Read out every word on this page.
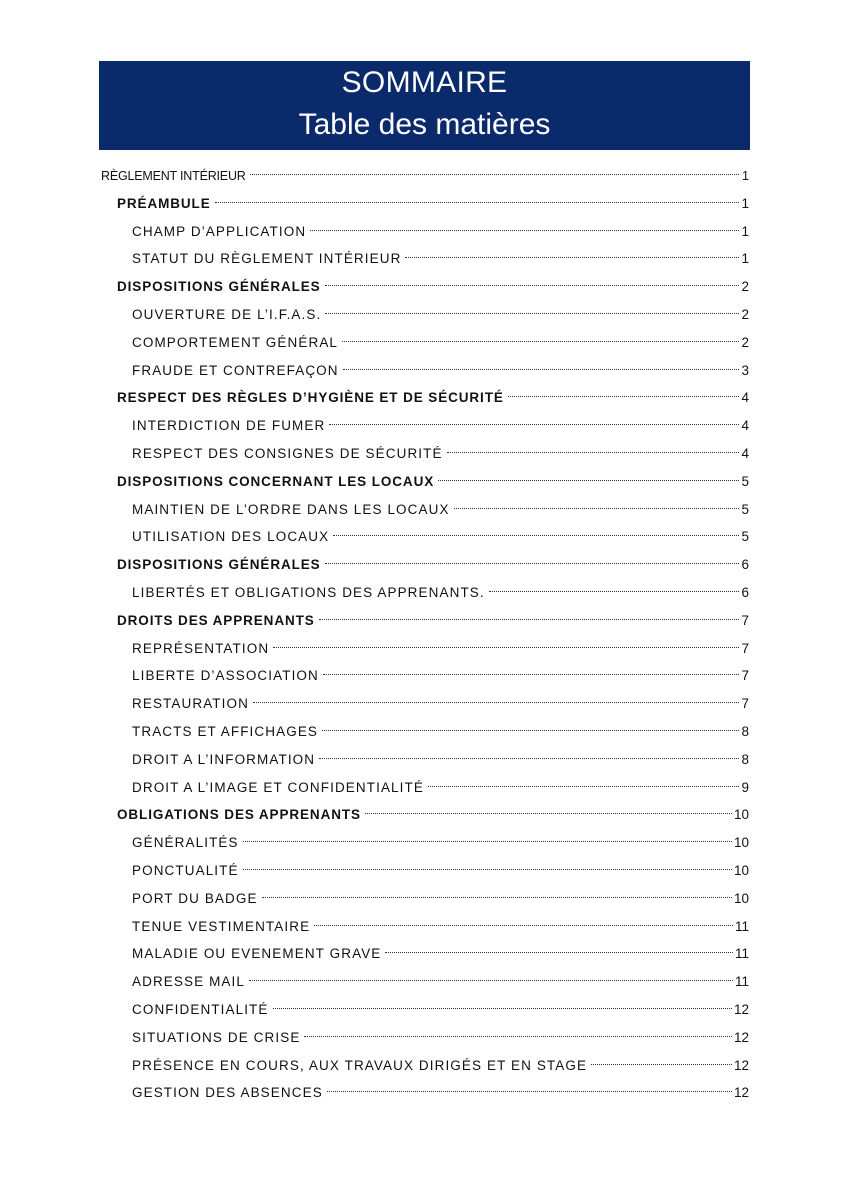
SOMMAIRE
Table des matières
RÈGLEMENT INTÉRIEUR	1
PRÉAMBULE	1
CHAMP D’APPLICATION	1
STATUT DU RÈGLEMENT INTÉRIEUR	1
DISPOSITIONS GÉNÉRALES	2
OUVERTURE DE L’I.F.A.S.	2
COMPORTEMENT GÉNÉRAL	2
FRAUDE ET CONTREFAÇON	3
RESPECT DES RÈGLES D’HYGIÈNE ET DE SÉCURITÉ	4
INTERDICTION DE FUMER	4
RESPECT DES CONSIGNES DE SÉCURITÉ	4
DISPOSITIONS CONCERNANT LES LOCAUX	5
MAINTIEN DE L’ORDRE DANS LES LOCAUX	5
UTILISATION DES LOCAUX	5
DISPOSITIONS GÉNÉRALES	6
LIBERTÉS ET OBLIGATIONS DES APPRENANTS.	6
DROITS DES APPRENANTS	7
REPRÉSENTATION	7
LIBERTE D’ASSOCIATION	7
RESTAURATION	7
TRACTS ET AFFICHAGES	8
DROIT A L’INFORMATION	8
DROIT A L’IMAGE ET CONFIDENTIALITÉ	9
OBLIGATIONS DES APPRENANTS	10
GÉNÉRALITÉS	10
PONCTUALITÉ	10
PORT DU BADGE	10
TENUE VESTIMENTAIRE	11
MALADIE OU EVENEMENT GRAVE	11
ADRESSE MAIL	11
CONFIDENTIALITÉ	12
SITUATIONS DE CRISE	12
PRÉSENCE EN COURS, AUX TRAVAUX DIRIGÉS ET EN STAGE	12
GESTION DES ABSENCES	12
